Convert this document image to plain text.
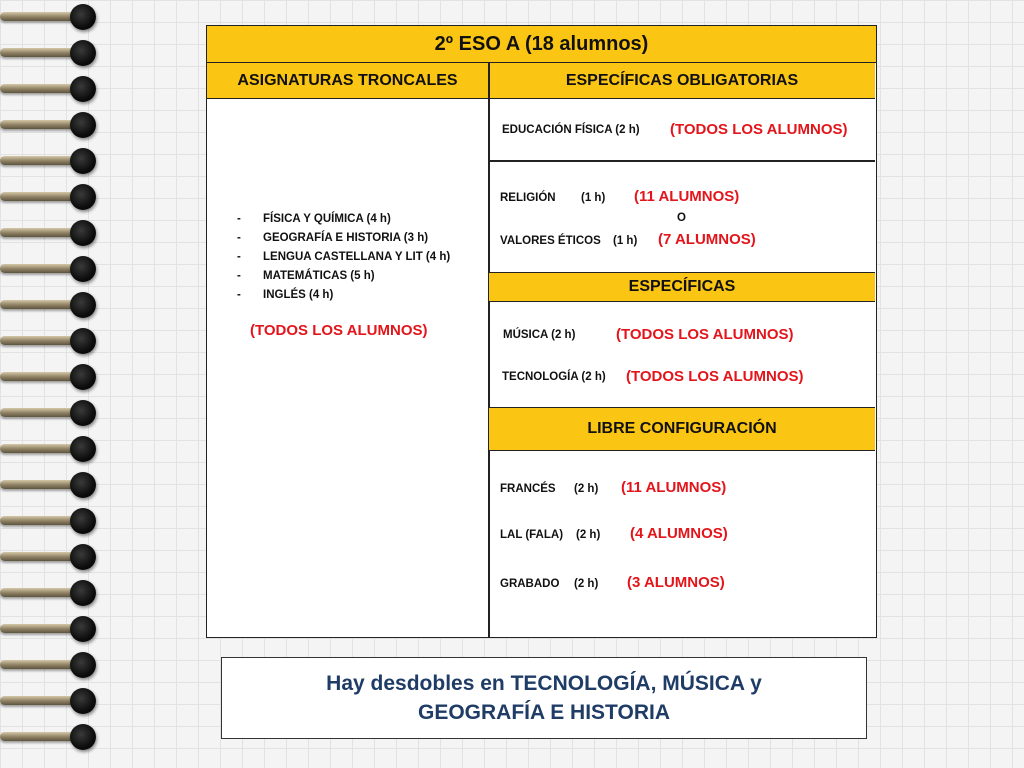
2º ESO A (18 alumnos)
ASIGNATURAS TRONCALES	ESPECÍFICAS OBLIGATORIAS
- FÍSICA Y QUÍMICA (4 h)
- GEOGRAFÍA E HISTORIA (3 h)
- LENGUA CASTELLANA Y LIT (4 h)
- MATEMÁTICAS (5 h)
- INGLÉS (4 h)
(TODOS LOS ALUMNOS)
EDUCACIÓN FÍSICA (2 h) (TODOS LOS ALUMNOS)
RELIGIÓN (1 h) (11 ALUMNOS)
O
VALORES ÉTICOS (1 h) (7 ALUMNOS)
ESPECÍFICAS
MÚSICA (2 h)	(TODOS LOS ALUMNOS)
TECNOLOGÍA (2 h) (TODOS LOS ALUMNOS)
LIBRE CONFIGURACIÓN
FRANCÉS (2 h) (11 ALUMNOS)
LAL (FALA) (2 h) (4 ALUMNOS)
GRABADO (2 h) (3 ALUMNOS)
Hay desdobles en TECNOLOGÍA, MÚSICA y
GEOGRAFÍA E HISTORIA
